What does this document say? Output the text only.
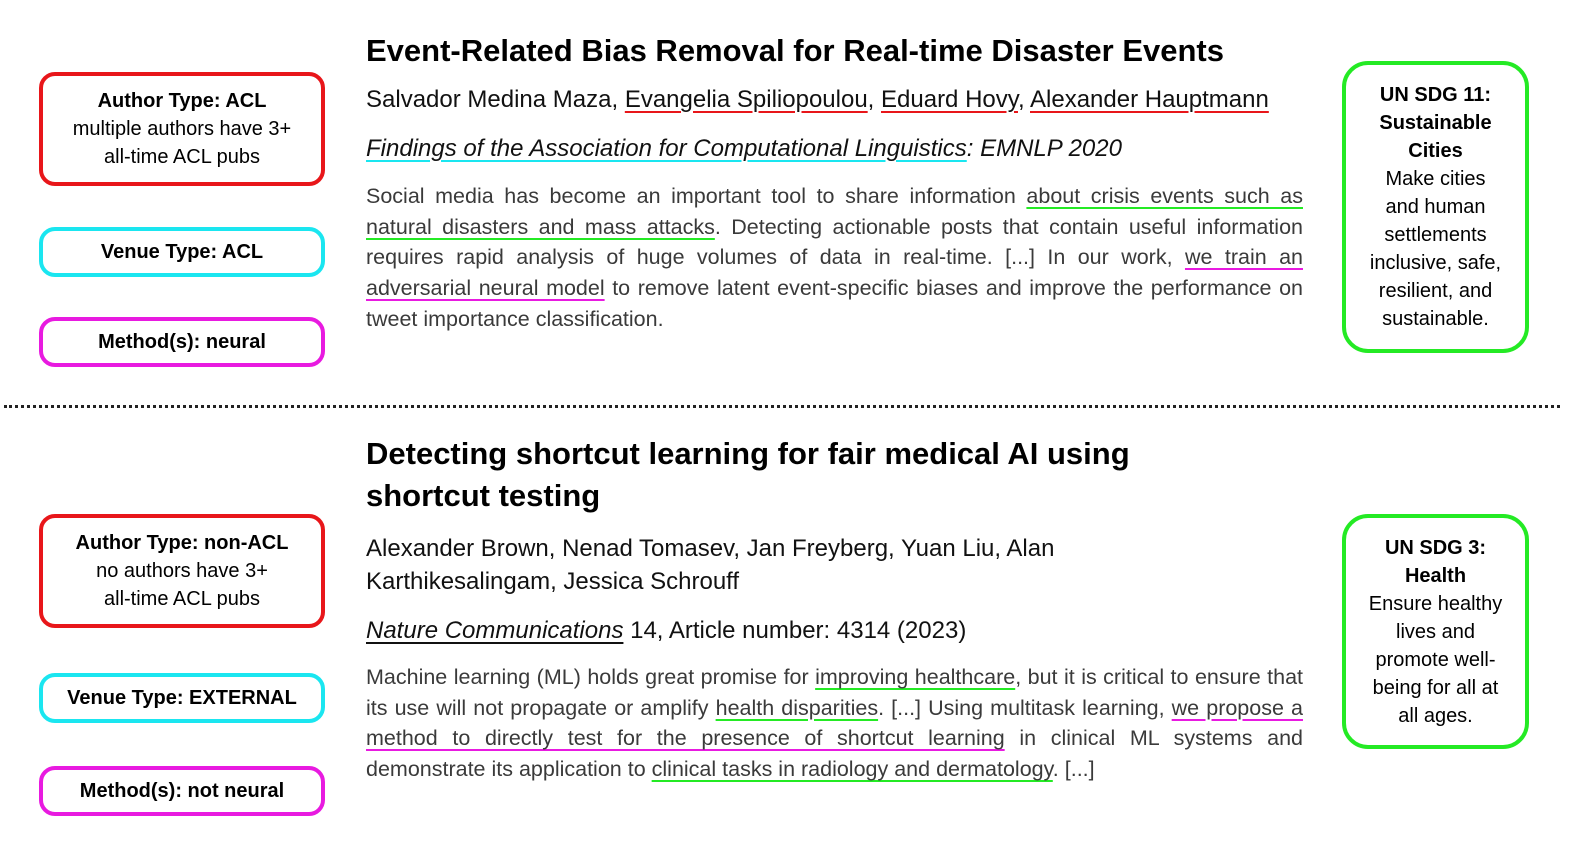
Author Type: ACL
multiple authors have 3+
all-time ACL pubs
Venue Type: ACL
Method(s): neural
Event-Related Bias Removal for Real-time Disaster Events

Salvador Medina Maza, Evangelia Spiliopoulou, Eduard Hovy, Alexander Hauptmann

Findings of the Association for Computational Linguistics: EMNLP 2020

Social media has become an important tool to share information about crisis events such as natural disasters and mass attacks. Detecting actionable posts that contain useful information requires rapid analysis of huge volumes of data in real-time. [...] In our work, we train an adversarial neural model to remove latent event-specific biases and improve the performance on tweet importance classification.

UN SDG 11:
Sustainable
Cities
Make cities
and human
settlements
inclusive, safe,
resilient, and
sustainable.
Author Type: non-ACL
no authors have 3+
all-time ACL pubs
Venue Type: EXTERNAL
Method(s): not neural
Detecting shortcut learning for fair medical AI using
shortcut testing

Alexander Brown, Nenad Tomasev, Jan Freyberg, Yuan Liu, Alan
Karthikesalingam, Jessica Schrouff

Nature Communications 14, Article number: 4314 (2023)

Machine learning (ML) holds great promise for improving healthcare, but it is critical to ensure that its use will not propagate or amplify health disparities. [...] Using multitask learning, we propose a method to directly test for the presence of shortcut learning in clinical ML systems and demonstrate its application to clinical tasks in radiology and dermatology. [...]

UN SDG 3:
Health
Ensure healthy
lives and
promote well-
being for all at
all ages.
